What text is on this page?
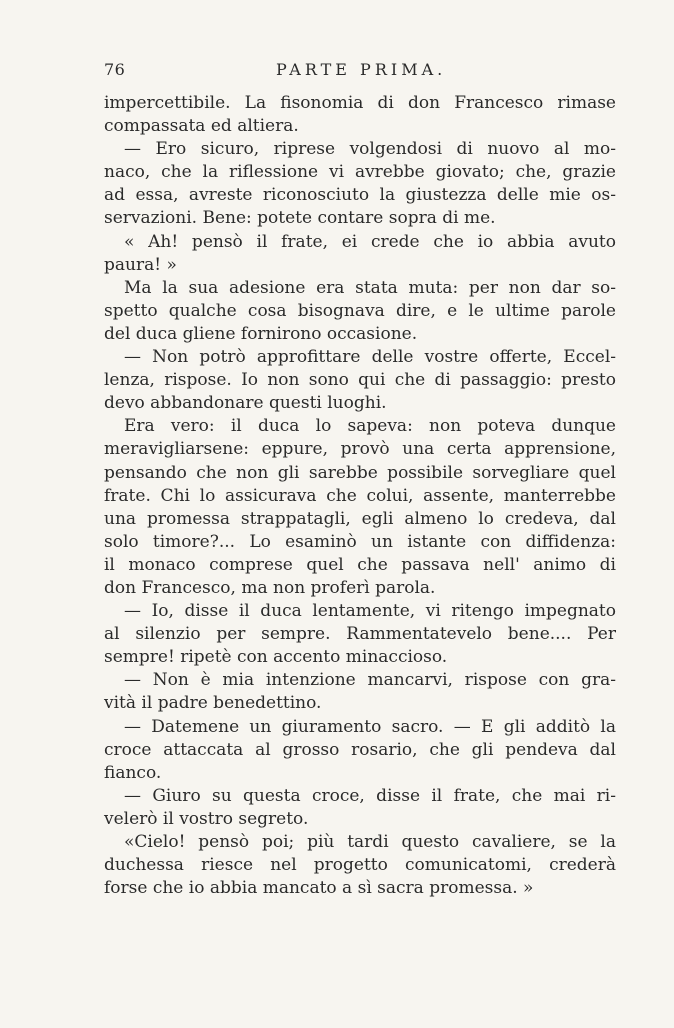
76	PARTE PRIMA.
impercettibile. La fisonomia di don Francesco rimase
compassata ed altiera.
— Ero sicuro, riprese volgendosi di nuovo al mo-
naco, che la riflessione vi avrebbe giovato; che, grazie
ad essa, avreste riconosciuto la giustezza delle mie os-
servazioni. Bene: potete contare sopra di me.
« Ah! pensò il frate, ei crede che io abbia avuto
paura! »
Ma la sua adesione era stata muta: per non dar so-
spetto qualche cosa bisognava dire, e le ultime parole
del duca gliene fornirono occasione.
— Non potrò approfittare delle vostre offerte, Eccel-
lenza, rispose. Io non sono qui che di passaggio: presto
devo abbandonare questi luoghi.
Era vero: il duca lo sapeva: non poteva dunque
meravigliarsene: eppure, provò una certa apprensione,
pensando che non gli sarebbe possibile sorvegliare quel
frate. Chi lo assicurava che colui, assente, manterrebbe
una promessa strappatagli, egli almeno lo credeva, dal
solo timore?... Lo esaminò un istante con diffidenza:
il monaco comprese quel che passava nell' animo di
don Francesco, ma non proferì parola.
— Io, disse il duca lentamente, vi ritengo impegnato
al silenzio per sempre. Rammentatevelo bene.... Per
sempre! ripetè con accento minaccioso.
— Non è mia intenzione mancarvi, rispose con gra-
vità il padre benedettino.
— Datemene un giuramento sacro. — E gli additò la
croce attaccata al grosso rosario, che gli pendeva dal
fianco.
— Giuro su questa croce, disse il frate, che mai ri-
velerò il vostro segreto.
«Cielo! pensò poi; più tardi questo cavaliere, se la
duchessa riesce nel progetto comunicatomi, crederà
forse che io abbia mancato a sì sacra promessa. »
